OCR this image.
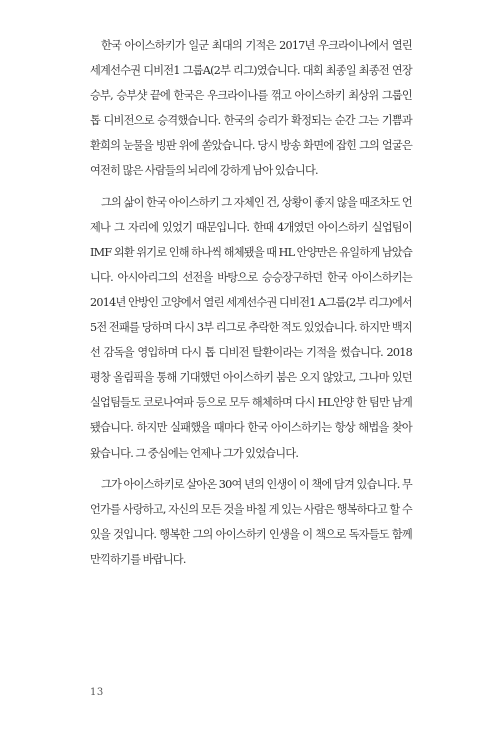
한국 아이스하키가 일군 최대의 기적은 2017년 우크라이나에서 열린 세계선수권 디비전1 그룹A(2부 리그)였습니다. 대회 최종일 최종전 연장 승부, 승부샷 끝에 한국은 우크라이나를 꺾고 아이스하키 최상위 그룹인 톱 디비전으로 승격했습니다. 한국의 승리가 확정되는 순간 그는 기쁨과 환희의 눈물을 빙판 위에 쏟았습니다. 당시 방송 화면에 잡힌 그의 얼굴은 여전히 많은 사람들의 뇌리에 강하게 남아 있습니다.

그의 삶이 한국 아이스하키 그 자체인 건, 상황이 좋지 않을 때조차도 언제나 그 자리에 있었기 때문입니다. 한때 4개였던 아이스하키 실업팀이 IMF 외환 위기로 인해 하나씩 해체됐을 때 HL 안양만은 유일하게 남았습니다. 아시아리그의 선전을 바탕으로 승승장구하던 한국 아이스하키는 2014년 안방인 고양에서 열린 세계선수권 디비전1 A그룹(2부 리그)에서 5전 전패를 당하며 다시 3부 리그로 추락한 적도 있었습니다. 하지만 백지선 감독을 영입하며 다시 톱 디비전 탈환이라는 기적을 썼습니다. 2018 평창 올림픽을 통해 기대했던 아이스하키 붐은 오지 않았고, 그나마 있던 실업팀들도 코로나여파 등으로 모두 해체하며 다시 HL안양 한 팀만 남게 됐습니다. 하지만 실패했을 때마다 한국 아이스하키는 항상 해법을 찾아왔습니다. 그 중심에는 언제나 그가 있었습니다.

그가 아이스하키로 살아온 30여 년의 인생이 이 책에 담겨 있습니다. 무언가를 사랑하고, 자신의 모든 것을 바칠 게 있는 사람은 행복하다고 할 수 있을 것입니다. 행복한 그의 아이스하키 인생을 이 책으로 독자들도 함께 만끽하기를 바랍니다.

13
